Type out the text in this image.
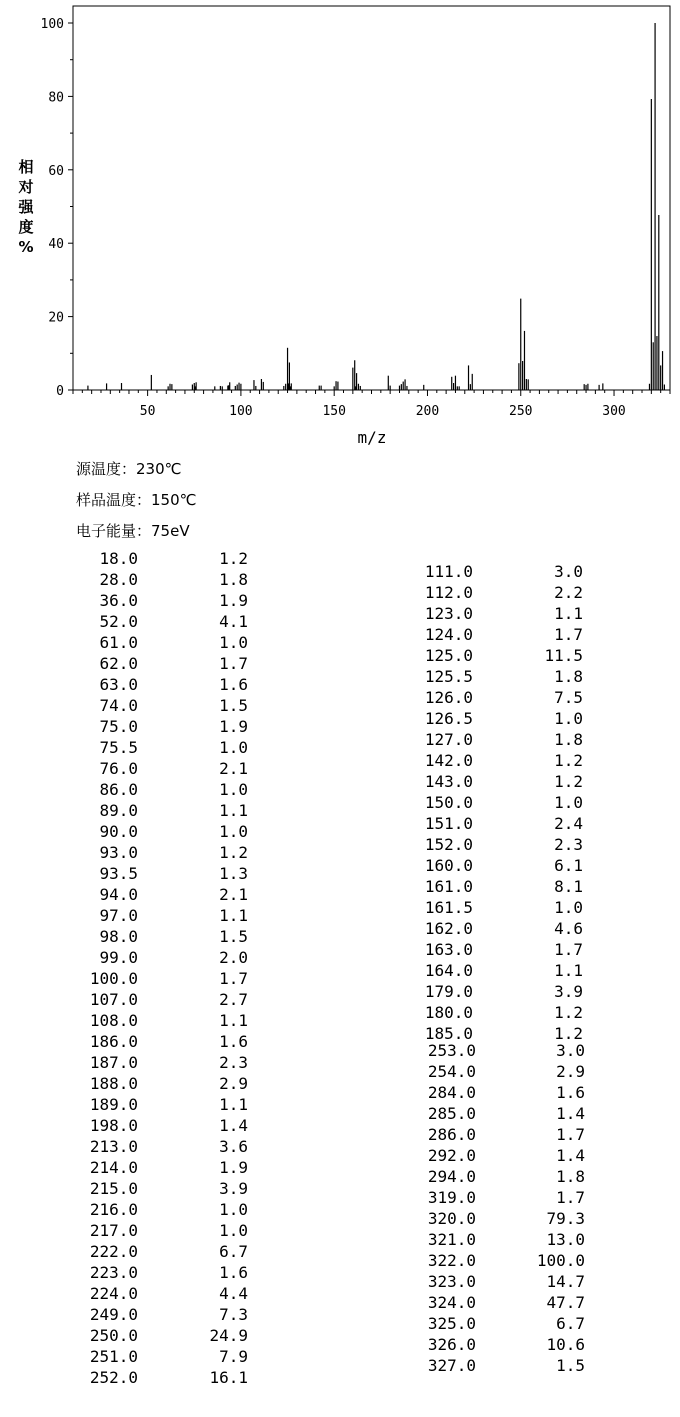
0
20
40
60
80
100
50	100	150	200	250	300
m/z
相
对
强
度
%
源温度：230℃
样品温度：150℃
电子能量：75eV
18.0	1.2
28.0	1.8
36.0	1.9
52.0	4.1
61.0	1.0
62.0	1.7
63.0	1.6
74.0	1.5
75.0	1.9
75.5	1.0
76.0	2.1
86.0	1.0
89.0	1.1
90.0	1.0
93.0	1.2
93.5	1.3
94.0	2.1
97.0	1.1
98.0	1.5
99.0	2.0
100.0	1.7
107.0	2.7
108.0	1.1
186.0	1.6
187.0	2.3
188.0	2.9
189.0	1.1
198.0	1.4
213.0	3.6
214.0	1.9
215.0	3.9
216.0	1.0
217.0	1.0
222.0	6.7
223.0	1.6
224.0	4.4
249.0	7.3
250.0	24.9
251.0	7.9
252.0	16.1
111.0	3.0
112.0	2.2
123.0	1.1
124.0	1.7
125.0	11.5
125.5	1.8
126.0	7.5
126.5	1.0
127.0	1.8
142.0	1.2
143.0	1.2
150.0	1.0
151.0	2.4
152.0	2.3
160.0	6.1
161.0	8.1
161.5	1.0
162.0	4.6
163.0	1.7
164.0	1.1
179.0	3.9
180.0	1.2
185.0	1.2
253.0	3.0
254.0	2.9
284.0	1.6
285.0	1.4
286.0	1.7
292.0	1.4
294.0	1.8
319.0	1.7
320.0	79.3
321.0	13.0
322.0	100.0
323.0	14.7
324.0	47.7
325.0	6.7
326.0	10.6
327.0	1.5
